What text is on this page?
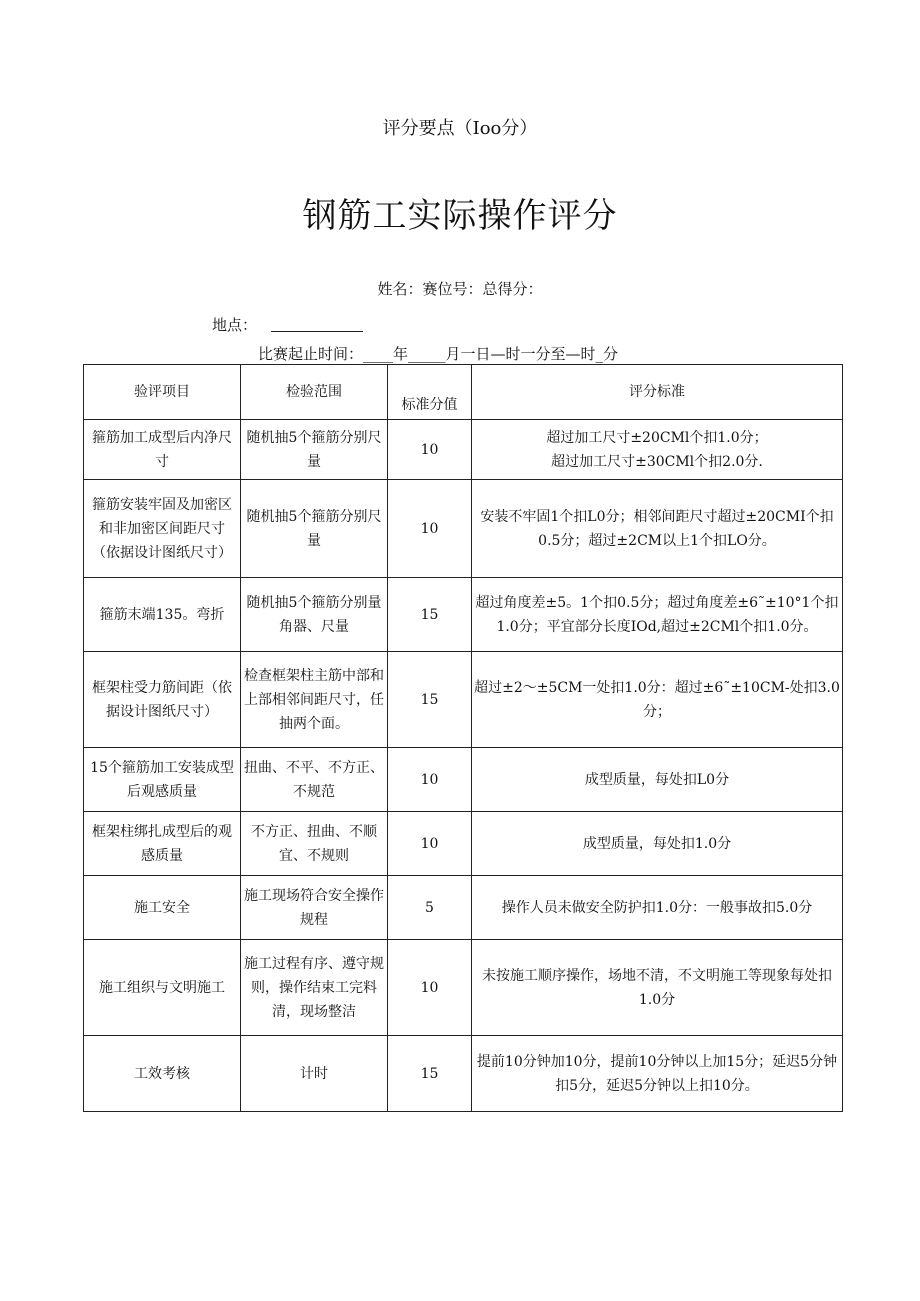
评分要点（Ioo分）
钢筋工实际操作评分
姓名：赛位号：总得分：
地点：
比赛起止时间：____年_____月一日—时一分至—时_分
验评项目	检验范围	标准分值	评分标准
箍筋加工成型后内净尺寸	随机抽5个箍筋分别尺量	10	超过加工尺寸±20CMl个扣1.0分；
超过加工尺寸±30CMl个扣2.0分.
箍筋安装牢固及加密区和非加密区间距尺寸（依据设计图纸尺寸）	随机抽5个箍筋分别尺量	10	安装不牢固1个扣L0分；相邻间距尺寸超过±20CMI个扣0.5分；超过±2CM以上1个扣LO分。
箍筋末端135。弯折	随机抽5个箍筋分别量角器、尺量	15	超过角度差±5。1个扣0.5分；超过角度差±6˜±10°1个扣1.0分；平宜部分长度IOd,超过±2CMl个扣1.0分。
框架柱受力筋间距（依据设计图纸尺寸）	检查框架柱主筋中部和上部相邻间距尺寸，任抽两个面。	15	超过±2～±5CM一处扣1.0分：超过±6˜±10CM-处扣3.0分；
15个箍筋加工安装成型后观感质量	扭曲、不平、不方正、不规范	10	成型质量，每处扣L0分
框架柱绑扎成型后的观感质量	不方正、扭曲、不顺宜、不规则	10	成型质量，每处扣1.0分
施工安全	施工现场符合安全操作规程	5	操作人员未做安全防护扣1.0分：一般事故扣5.0分
施工组织与文明施工	施工过程有序、遵守规则，操作结束工完料清，现场整洁	10	未按施工顺序操作，场地不清，不文明施工等现象每处扣1.0分
工效考核	计时	15	提前10分钟加10分，提前10分钟以上加15分；延迟5分钟扣5分，延迟5分钟以上扣10分。
